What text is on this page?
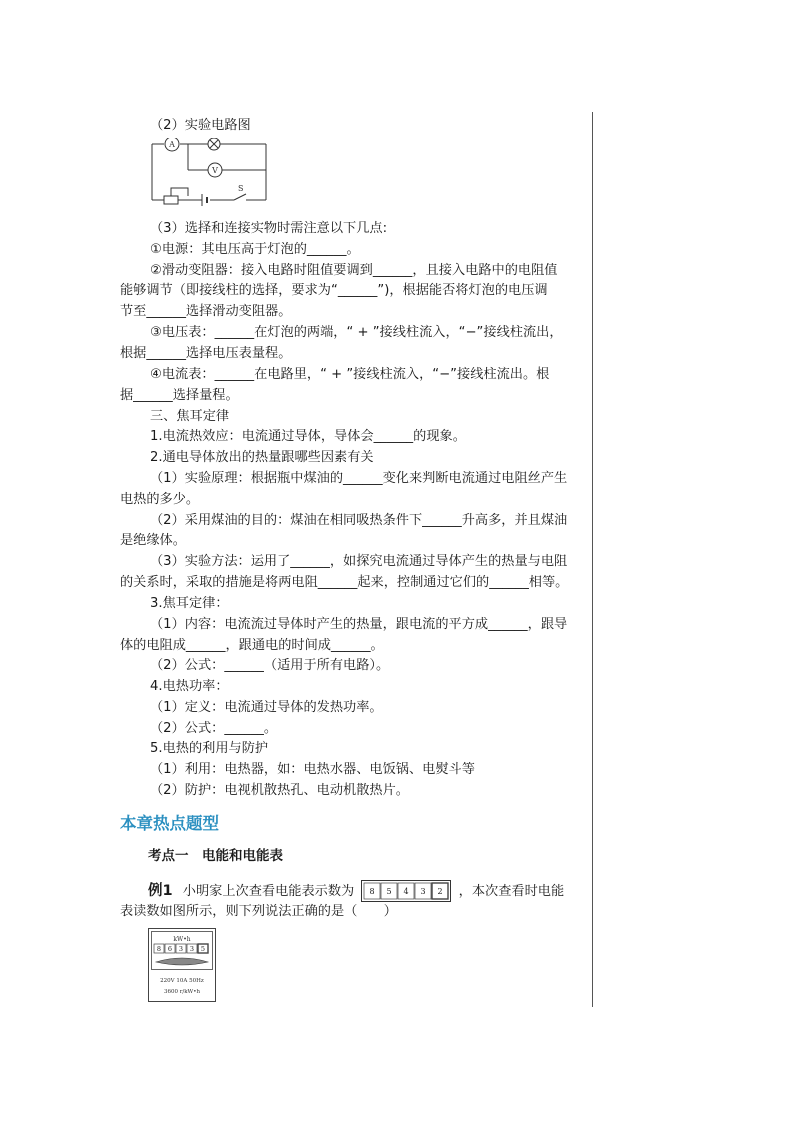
（2）实验电路图
A
V
S
（3）选择和连接实物时需注意以下几点:
①电源：其电压高于灯泡的______。
②滑动变阻器：接入电路时阻值要调到______，且接入电路中的电阻值
能够调节（即接线柱的选择，要求为“______”)，根据能否将灯泡的电压调
节至______选择滑动变阻器。
③电压表：______在灯泡的两端，“ + ”接线柱流入，“−”接线柱流出，
根据______选择电压表量程。
④电流表：______在电路里，“ + ”接线柱流入，“−”接线柱流出。根
据______选择量程。
三、焦耳定律
1.电流热效应：电流通过导体，导体会______的现象。
2.通电导体放出的热量跟哪些因素有关
（1）实验原理：根据瓶中煤油的______变化来判断电流通过电阻丝产生
电热的多少。
（2）采用煤油的目的：煤油在相同吸热条件下______升高多，并且煤油
是绝缘体。
（3）实验方法：运用了______，如探究电流通过导体产生的热量与电阻
的关系时，采取的措施是将两电阻______起来，控制通过它们的______相等。
3.焦耳定律：
（1）内容：电流流过导体时产生的热量，跟电流的平方成______，跟导
体的电阻成______，跟通电的时间成______。
（2）公式：______（适用于所有电路）。
4.电热功率：
（1）定义：电流通过导体的发热功率。
（2）公式：______。
5.电热的利用与防护
（1）利用：电热器，如：电热水器、电饭锅、电熨斗等
（2）防护：电视机散热孔、电动机散热片。
本章热点题型
考点一　电能和电能表
例1 小明家上次查看电能表示数为 8 5 4 3 2 ，本次查看时电能
表读数如图所示，则下列说法正确的是（　　）
kW•h
8 6 3 3 5
220V 10A 50Hz
3600 r/kW•h
